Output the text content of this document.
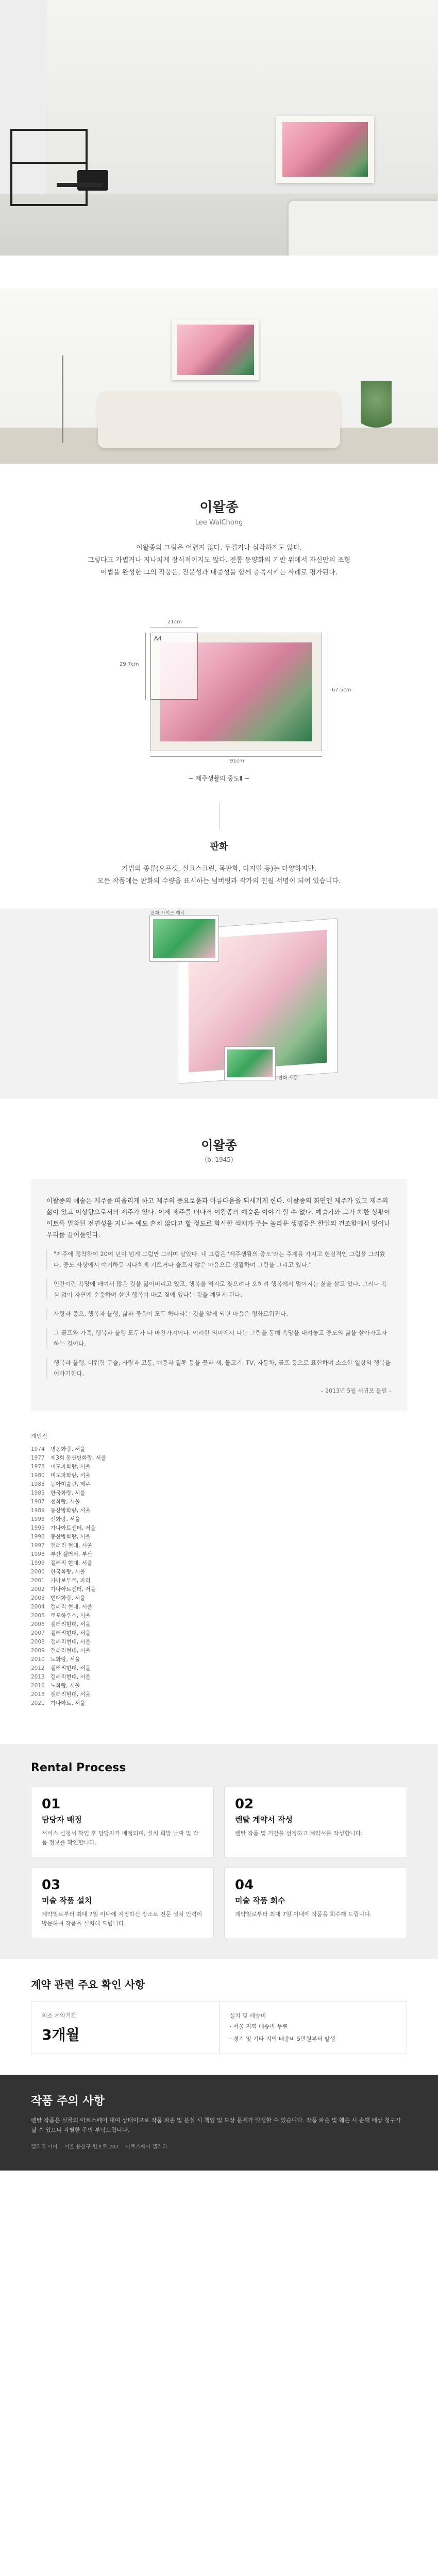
이왈종
Lee WalChong
이왈종의 그림은 어렵지 않다. 무겁거나 심각하지도 않다.
그렇다고 가볍거나 지나치게 장식적이지도 않다. 전통 동양화의 기반 위에서 자신만의 조형
어법을 완성한 그의 작품은, 전문성과 대중성을 함께 충족시키는 사례로 평가된다.
A4
21cm
29.7cm
91cm
67.5cm
~ 제주생활의 중도Ⅱ ~
판화
기법의 종류(오프셋, 실크스크린, 목판화, 디지털 등)는 다양하지만,
모든 작품에는 판화의 수량을 표시하는 넘버링과 작가의 친필 서명이 되어 있습니다.
판화 사이즈 예시
판화 사용
이왈종
(b. 1945)
이왈종의 예술은 제주를 떠올리게 하고 제주의 풍요로움과 아름다움을 되새기게 한다. 이왈종의 화면엔 제주가 있고 제주의 삶이 있고 이상향으로서의 제주가 있다. 이제 제주를 떠나서 이왈종의 예술은 이야기 할 수 없다. 예술가와 그가 처한 상황이 이토록 밀착된 전면성을 지니는 예도 흔치 않다고 할 정도로 화사한 색채가 주는 놀라운 생명감은 한일의 건조함에서 벗어나 우리를 끌어들인다.
"제주에 정착하여 20여 년이 넘게 그림만 그리며 살았다. 내 그림은 '제주생활의 중도'라는 주제를 가지고 현실적인 그림을 그려왔다. 중도 사상에서 얘기하듯 지나치게 기쁘거나 슬프지 않은 마음으로 생활하며 그림을 그리고 있다."
인간이란 욕망에 매여서 많은 것을 잃어버리고 있고, 행복을 억지로 찾으려다 오히려 행복에서 멀어지는 삶을 살고 있다. 그러나 욕심 없이 자연에 순응하며 살면 행복이 바로 곁에 있다는 것을 깨닫게 된다.
사랑과 증오, 행복과 불행, 삶과 죽음이 모두 하나라는 것을 알게 되면 마음은 평화로워진다.
그 골프와 가족, 행복과 불행 모두가 다 마찬가지이다. 이러한 의미에서 나는 그림을 통해 욕망을 내려놓고 중도의 삶을 살아가고자 하는 것이다.
행복과 불행, 미워함 구슬, 사랑과 고통, 애증과 질투 등을 꽃과 새, 물고기, TV, 자동차, 골프 등으로 표현하며 소소한 일상의 행복을 이야기한다.
– 2013년 5월 서귀포 물림 –
개인전
1974	명동화랑, 서울
1977	제3회 동산방화랑, 서울
1978	미도파화랑, 서울
1980	미도파화랑, 서울
1983	동아미술관, 제주
1985	한국화랑, 서울
1987	선화랑, 서울
1989	동산방화랑, 서울
1993	선화랑, 서울
1995	가나아트센터, 서울
1996	동산방화랑, 서울
1997	갤러리 현대, 서울
1998	부산 갤러리, 부산
1999	갤러리 현대, 서울
2000	한국화랑, 서울
2001	가나보부르, 파리
2002	가나아트센터, 서울
2003	현대화랑, 서울
2004	갤러리 현대, 서울
2005	토포하우스, 서울
2006	갤러리현대, 서울
2007	갤러리현대, 서울
2008	갤러리현대, 서울
2009	갤러리현대, 서울
2010	노화랑, 서울
2012	갤러리현대, 서울
2013	갤러리현대, 서울
2016	노화랑, 서울
2018	갤러리현대, 서울
2021	가나아트, 서울
Rental Process
01
담당자 배정
서비스 신청서 확인 후 담당자가 배정되며, 설치 희망 날짜 및 작품 정보를 확인합니다.
02
렌탈 계약서 작성
렌탈 작품 및 기간을 선정하고 계약서를 작성합니다.
03
미술 작품 설치
계약일로부터 최대 7일 이내에 지정하신 장소로 전문 설치 인력이 방문하여 작품을 설치해 드립니다.
04
미술 작품 회수
계약일로부터 최대 7일 이내에 작품을 회수해 드립니다.
계약 관련 주요 확인 사항
최소 계약기간
3개월
설치 및 배송비
· 서울 지역 배송비 무료
· 경기 및 기타 지역 배송비 5만원부터 발생
작품 주의 사항

렌탈 작품은 실물의 아트스페어 대여 상태이므로 작품 파손 및 분실 시 책임 및 보상 문제가 발생할 수 있습니다. 작품 파손 및 훼손 시 손해 배상 청구가 될 수 있으니 각별한 주의 부탁드립니다.

갤러리 이미 서울 용산구 원효로 207 아트스페어 갤러리
